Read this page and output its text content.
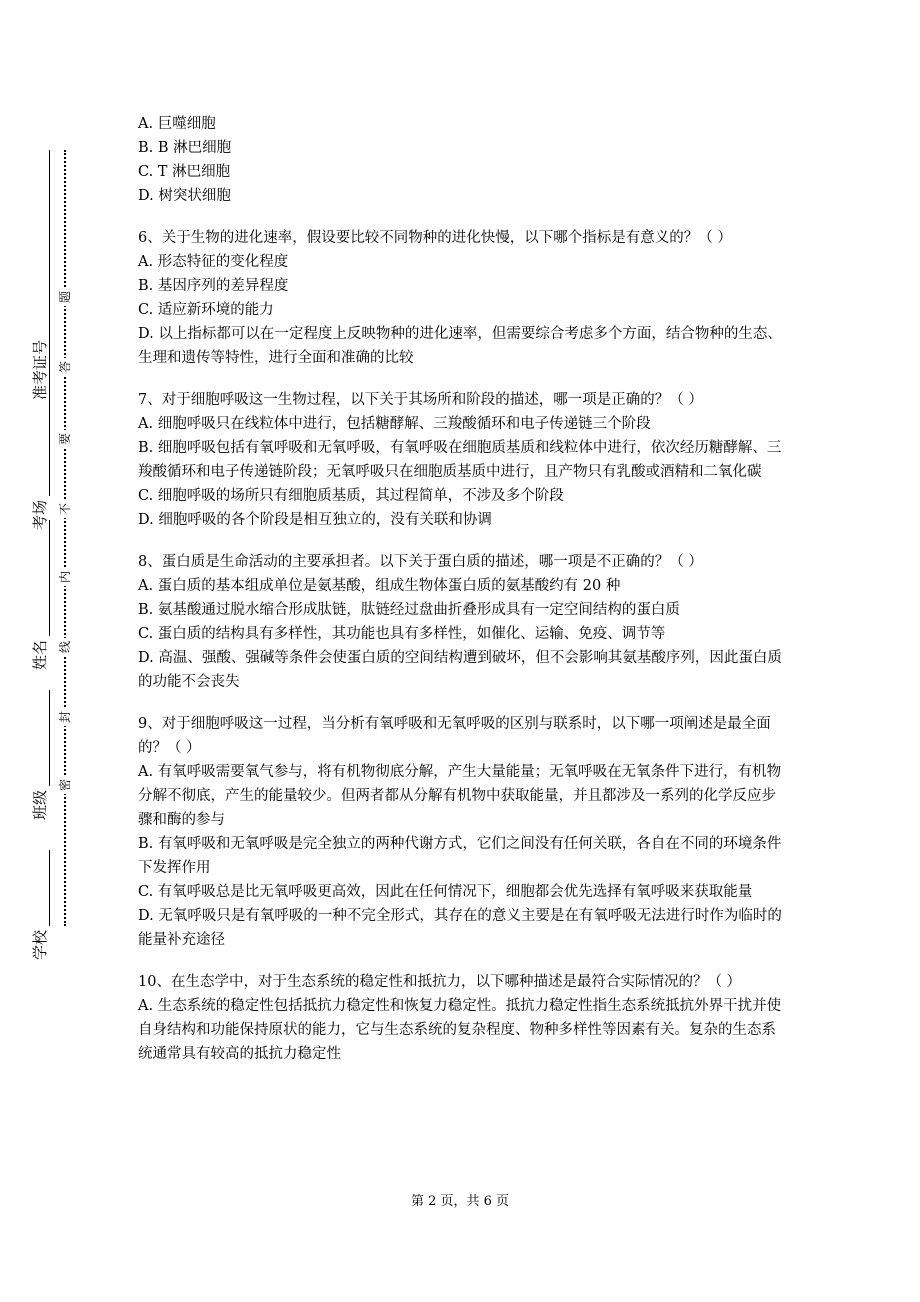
准考证号
考场
姓名
班级
学校
题
答
要
不
内
线
封
密

A. 巨噬细胞

B. B 淋巴细胞

C. T 淋巴细胞

D. 树突状细胞

6、关于生物的进化速率，假设要比较不同物种的进化快慢，以下哪个指标是有意义的？（ ）

A. 形态特征的变化程度

B. 基因序列的差异程度

C. 适应新环境的能力

D. 以上指标都可以在一定程度上反映物种的进化速率，但需要综合考虑多个方面，结合物种的生态、生理和遗传等特性，进行全面和准确的比较

7、对于细胞呼吸这一生物过程，以下关于其场所和阶段的描述，哪一项是正确的？（ ）

A. 细胞呼吸只在线粒体中进行，包括糖酵解、三羧酸循环和电子传递链三个阶段

B. 细胞呼吸包括有氧呼吸和无氧呼吸，有氧呼吸在细胞质基质和线粒体中进行，依次经历糖酵解、三羧酸循环和电子传递链阶段；无氧呼吸只在细胞质基质中进行，且产物只有乳酸或酒精和二氧化碳

C. 细胞呼吸的场所只有细胞质基质，其过程简单，不涉及多个阶段

D. 细胞呼吸的各个阶段是相互独立的，没有关联和协调

8、蛋白质是生命活动的主要承担者。以下关于蛋白质的描述，哪一项是不正确的？（ ）

A. 蛋白质的基本组成单位是氨基酸，组成生物体蛋白质的氨基酸约有 20 种

B. 氨基酸通过脱水缩合形成肽链，肽链经过盘曲折叠形成具有一定空间结构的蛋白质

C. 蛋白质的结构具有多样性，其功能也具有多样性，如催化、运输、免疫、调节等

D. 高温、强酸、强碱等条件会使蛋白质的空间结构遭到破坏，但不会影响其氨基酸序列，因此蛋白质的功能不会丧失

9、对于细胞呼吸这一过程，当分析有氧呼吸和无氧呼吸的区别与联系时，以下哪一项阐述是最全面的？（ ）

A. 有氧呼吸需要氧气参与，将有机物彻底分解，产生大量能量；无氧呼吸在无氧条件下进行，有机物分解不彻底，产生的能量较少。但两者都从分解有机物中获取能量，并且都涉及一系列的化学反应步骤和酶的参与

B. 有氧呼吸和无氧呼吸是完全独立的两种代谢方式，它们之间没有任何关联，各自在不同的环境条件下发挥作用

C. 有氧呼吸总是比无氧呼吸更高效，因此在任何情况下，细胞都会优先选择有氧呼吸来获取能量

D. 无氧呼吸只是有氧呼吸的一种不完全形式，其存在的意义主要是在有氧呼吸无法进行时作为临时的能量补充途径

10、在生态学中，对于生态系统的稳定性和抵抗力，以下哪种描述是最符合实际情况的？（ ）

A. 生态系统的稳定性包括抵抗力稳定性和恢复力稳定性。抵抗力稳定性指生态系统抵抗外界干扰并使自身结构和功能保持原状的能力，它与生态系统的复杂程度、物种多样性等因素有关。复杂的生态系统通常具有较高的抵抗力稳定性

第 2 页，共 6 页
